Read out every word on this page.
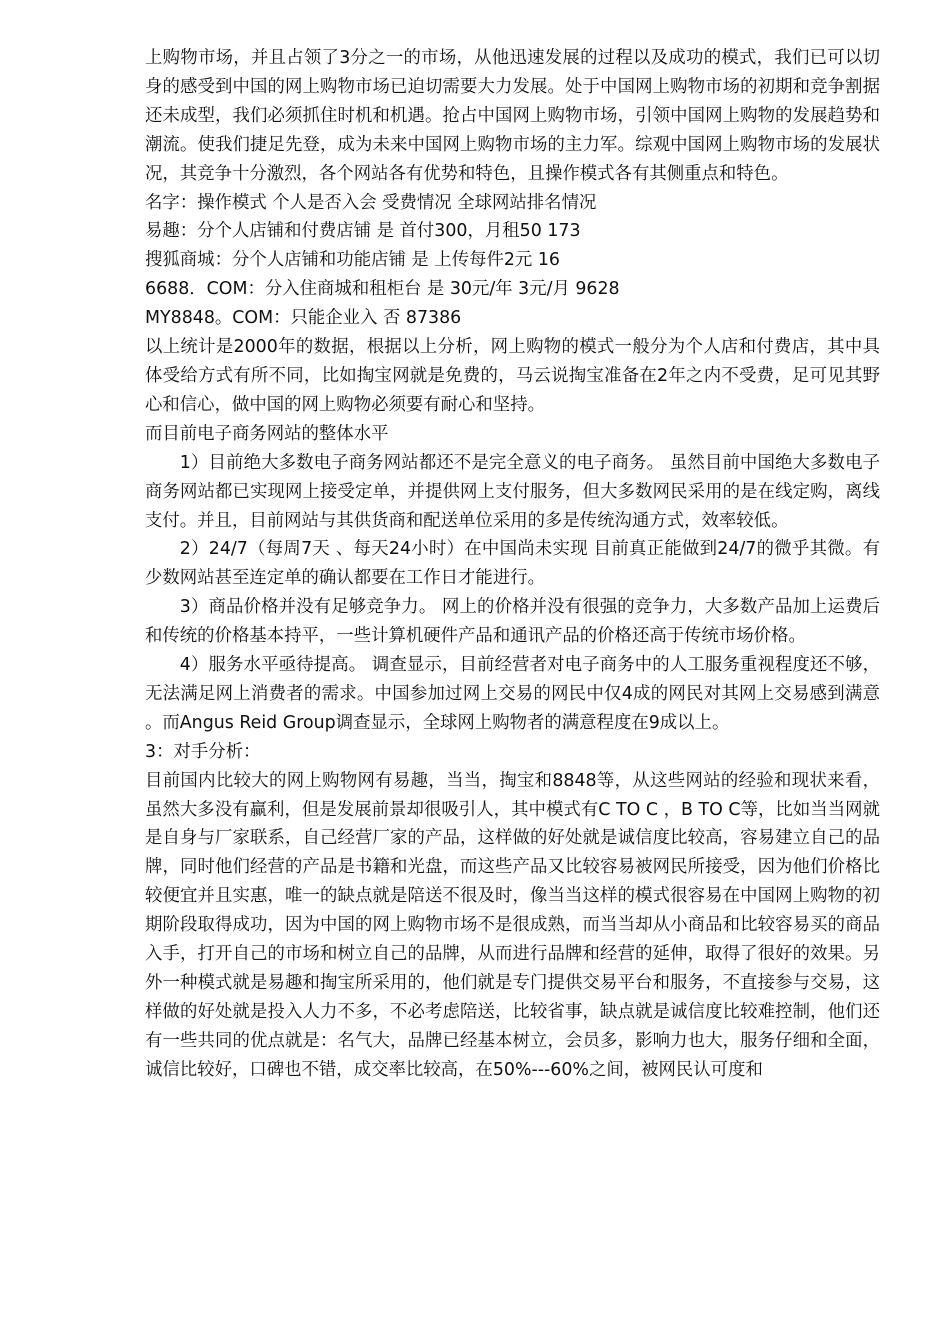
上购物市场，并且占领了3分之一的市场，从他迅速发展的过程以及成功的模式，我们已可以切身的感受到中国的网上购物市场已迫切需要大力发展。处于中国网上购物市场的初期和竞争割据还未成型，我们必须抓住时机和机遇。抢占中国网上购物市场，引领中国网上购物的发展趋势和潮流。使我们捷足先登，成为未来中国网上购物市场的主力军。综观中国网上购物市场的发展状况，其竞争十分激烈，各个网站各有优势和特色，且操作模式各有其侧重点和特色。

名字：操作模式 个人是否入会 受费情况 全球网站排名情况

易趣：分个人店铺和付费店铺 是 首付300，月租50 173

搜狐商城：分个人店铺和功能店铺 是 上传每件2元 16

6688．COM：分入住商城和租柜台 是 30元/年 3元/月 9628

MY8848。COM：只能企业入 否 87386

以上统计是2000年的数据，根据以上分析，网上购物的模式一般分为个人店和付费店，其中具体受给方式有所不同，比如掏宝网就是免费的，马云说掏宝准备在2年之内不受费，足可见其野心和信心，做中国的网上购物必须要有耐心和坚持。

而目前电子商务网站的整体水平

1）目前绝大多数电子商务网站都还不是完全意义的电子商务。 虽然目前中国绝大多数电子商务网站都已实现网上接受定单，并提供网上支付服务，但大多数网民采用的是在线定购，离线支付。并且，目前网站与其供货商和配送单位采用的多是传统沟通方式，效率较低。

2）24/7（每周7天 、每天24小时）在中国尚未实现 目前真正能做到24/7的微乎其微。有少数网站甚至连定单的确认都要在工作日才能进行。

3）商品价格并没有足够竞争力。 网上的价格并没有很强的竞争力，大多数产品加上运费后和传统的价格基本持平，一些计算机硬件产品和通讯产品的价格还高于传统市场价格。

4）服务水平亟待提高。 调查显示，目前经营者对电子商务中的人工服务重视程度还不够，无法满足网上消费者的需求。中国参加过网上交易的网民中仅4成的网民对其网上交易感到满意。而Angus Reid Group调查显示，全球网上购物者的满意程度在9成以上。

3：对手分析：

目前国内比较大的网上购物网有易趣，当当，掏宝和8848等，从这些网站的经验和现状来看，虽然大多没有赢利，但是发展前景却很吸引人，其中模式有C TO C ，B TO C等，比如当当网就是自身与厂家联系，自己经营厂家的产品，这样做的好处就是诚信度比较高，容易建立自己的品牌，同时他们经营的产品是书籍和光盘，而这些产品又比较容易被网民所接受，因为他们价格比较便宜并且实惠，唯一的缺点就是陪送不很及时，像当当这样的模式很容易在中国网上购物的初期阶段取得成功，因为中国的网上购物市场不是很成熟，而当当却从小商品和比较容易买的商品入手，打开自己的市场和树立自己的品牌，从而进行品牌和经营的延伸，取得了很好的效果。另外一种模式就是易趣和掏宝所采用的，他们就是专门提供交易平台和服务，不直接参与交易，这样做的好处就是投入人力不多，不必考虑陪送，比较省事，缺点就是诚信度比较难控制，他们还有一些共同的优点就是：名气大，品牌已经基本树立，会员多，影响力也大，服务仔细和全面，诚信比较好，口碑也不错，成交率比较高，在50%---60%之间，被网民认可度和
